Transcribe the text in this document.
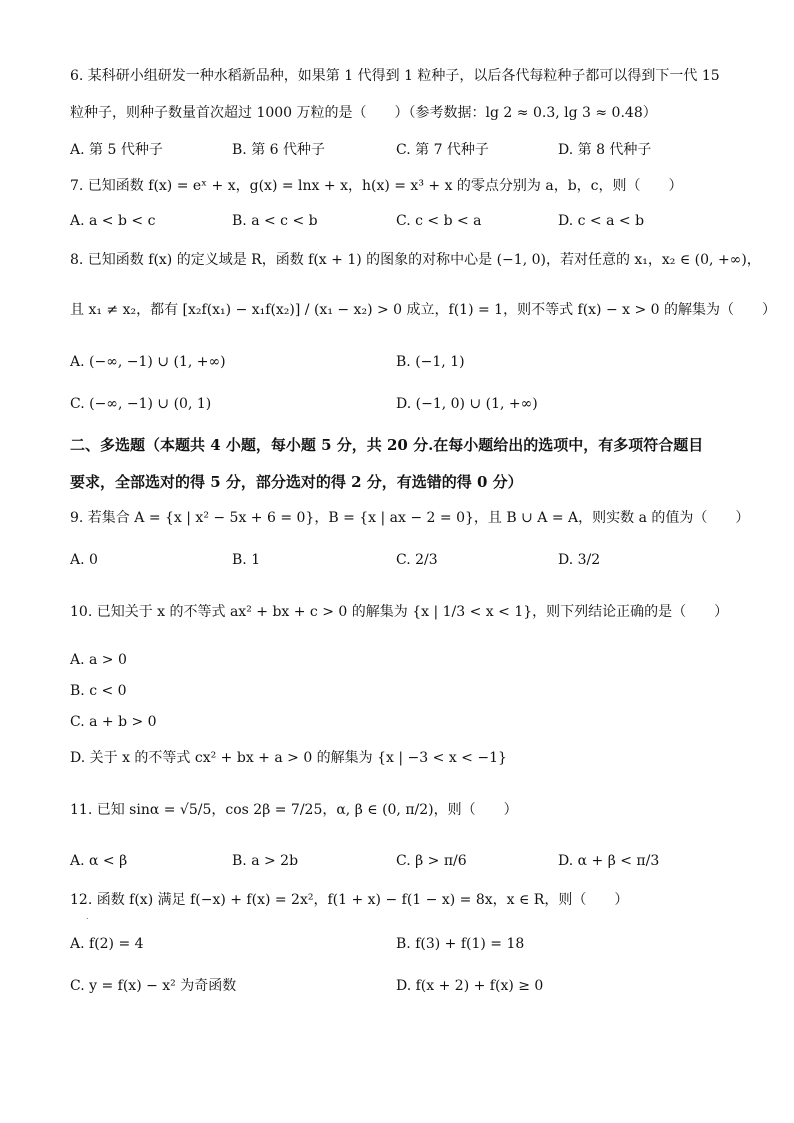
6. 某科研小组研发一种水稻新品种，如果第 1 代得到 1 粒种子，以后各代每粒种子都可以得到下一代 15
粒种子，则种子数量首次超过 1000 万粒的是（　　）（参考数据：lg 2 ≈ 0.3, lg 3 ≈ 0.48）
A. 第 5 代种子	B. 第 6 代种子	C. 第 7 代种子	D. 第 8 代种子
7. 已知函数 f(x) = eˣ + x，g(x) = lnx + x，h(x) = x³ + x 的零点分别为 a，b，c，则（　　）
A. a < b < c	B. a < c < b	C. c < b < a	D. c < a < b
8. 已知函数 f(x) 的定义域是 R，函数 f(x + 1) 的图象的对称中心是 (−1, 0)，若对任意的 x₁，x₂ ∈ (0, +∞)，
且 x₁ ≠ x₂，都有 [x₂f(x₁) − x₁f(x₂)] / (x₁ − x₂) > 0 成立，f(1) = 1，则不等式 f(x) − x > 0 的解集为（　　）
A. (−∞, −1) ∪ (1, +∞)	B. (−1, 1)
C. (−∞, −1) ∪ (0, 1)	D. (−1, 0) ∪ (1, +∞)
二、多选题（本题共 4 小题，每小题 5 分，共 20 分.在每小题给出的选项中，有多项符合题目
要求，全部选对的得 5 分，部分选对的得 2 分，有选错的得 0 分）
9. 若集合 A = {x | x² − 5x + 6 = 0}，B = {x | ax − 2 = 0}，且 B ∪ A = A，则实数 a 的值为（　　）
A. 0	B. 1	C. 2/3	D. 3/2
10. 已知关于 x 的不等式 ax² + bx + c > 0 的解集为 {x | 1/3 < x < 1}，则下列结论正确的是（　　）
A. a > 0
B. c < 0
C. a + b > 0
D. 关于 x 的不等式 cx² + bx + a > 0 的解集为 {x | −3 < x < −1}
11. 已知 sinα = √5/5，cos 2β = 7/25，α, β ∈ (0, π/2)，则（　　）
A. α < β	B. a > 2b	C. β > π/6	D. α + β < π/3
12. 函数 f(x) 满足 f(−x) + f(x) = 2x²，f(1 + x) − f(1 − x) = 8x，x ∈ R，则（　　）
.
A. f(2) = 4	B. f(3) + f(1) = 18
C. y = f(x) − x² 为奇函数	D. f(x + 2) + f(x) ≥ 0
